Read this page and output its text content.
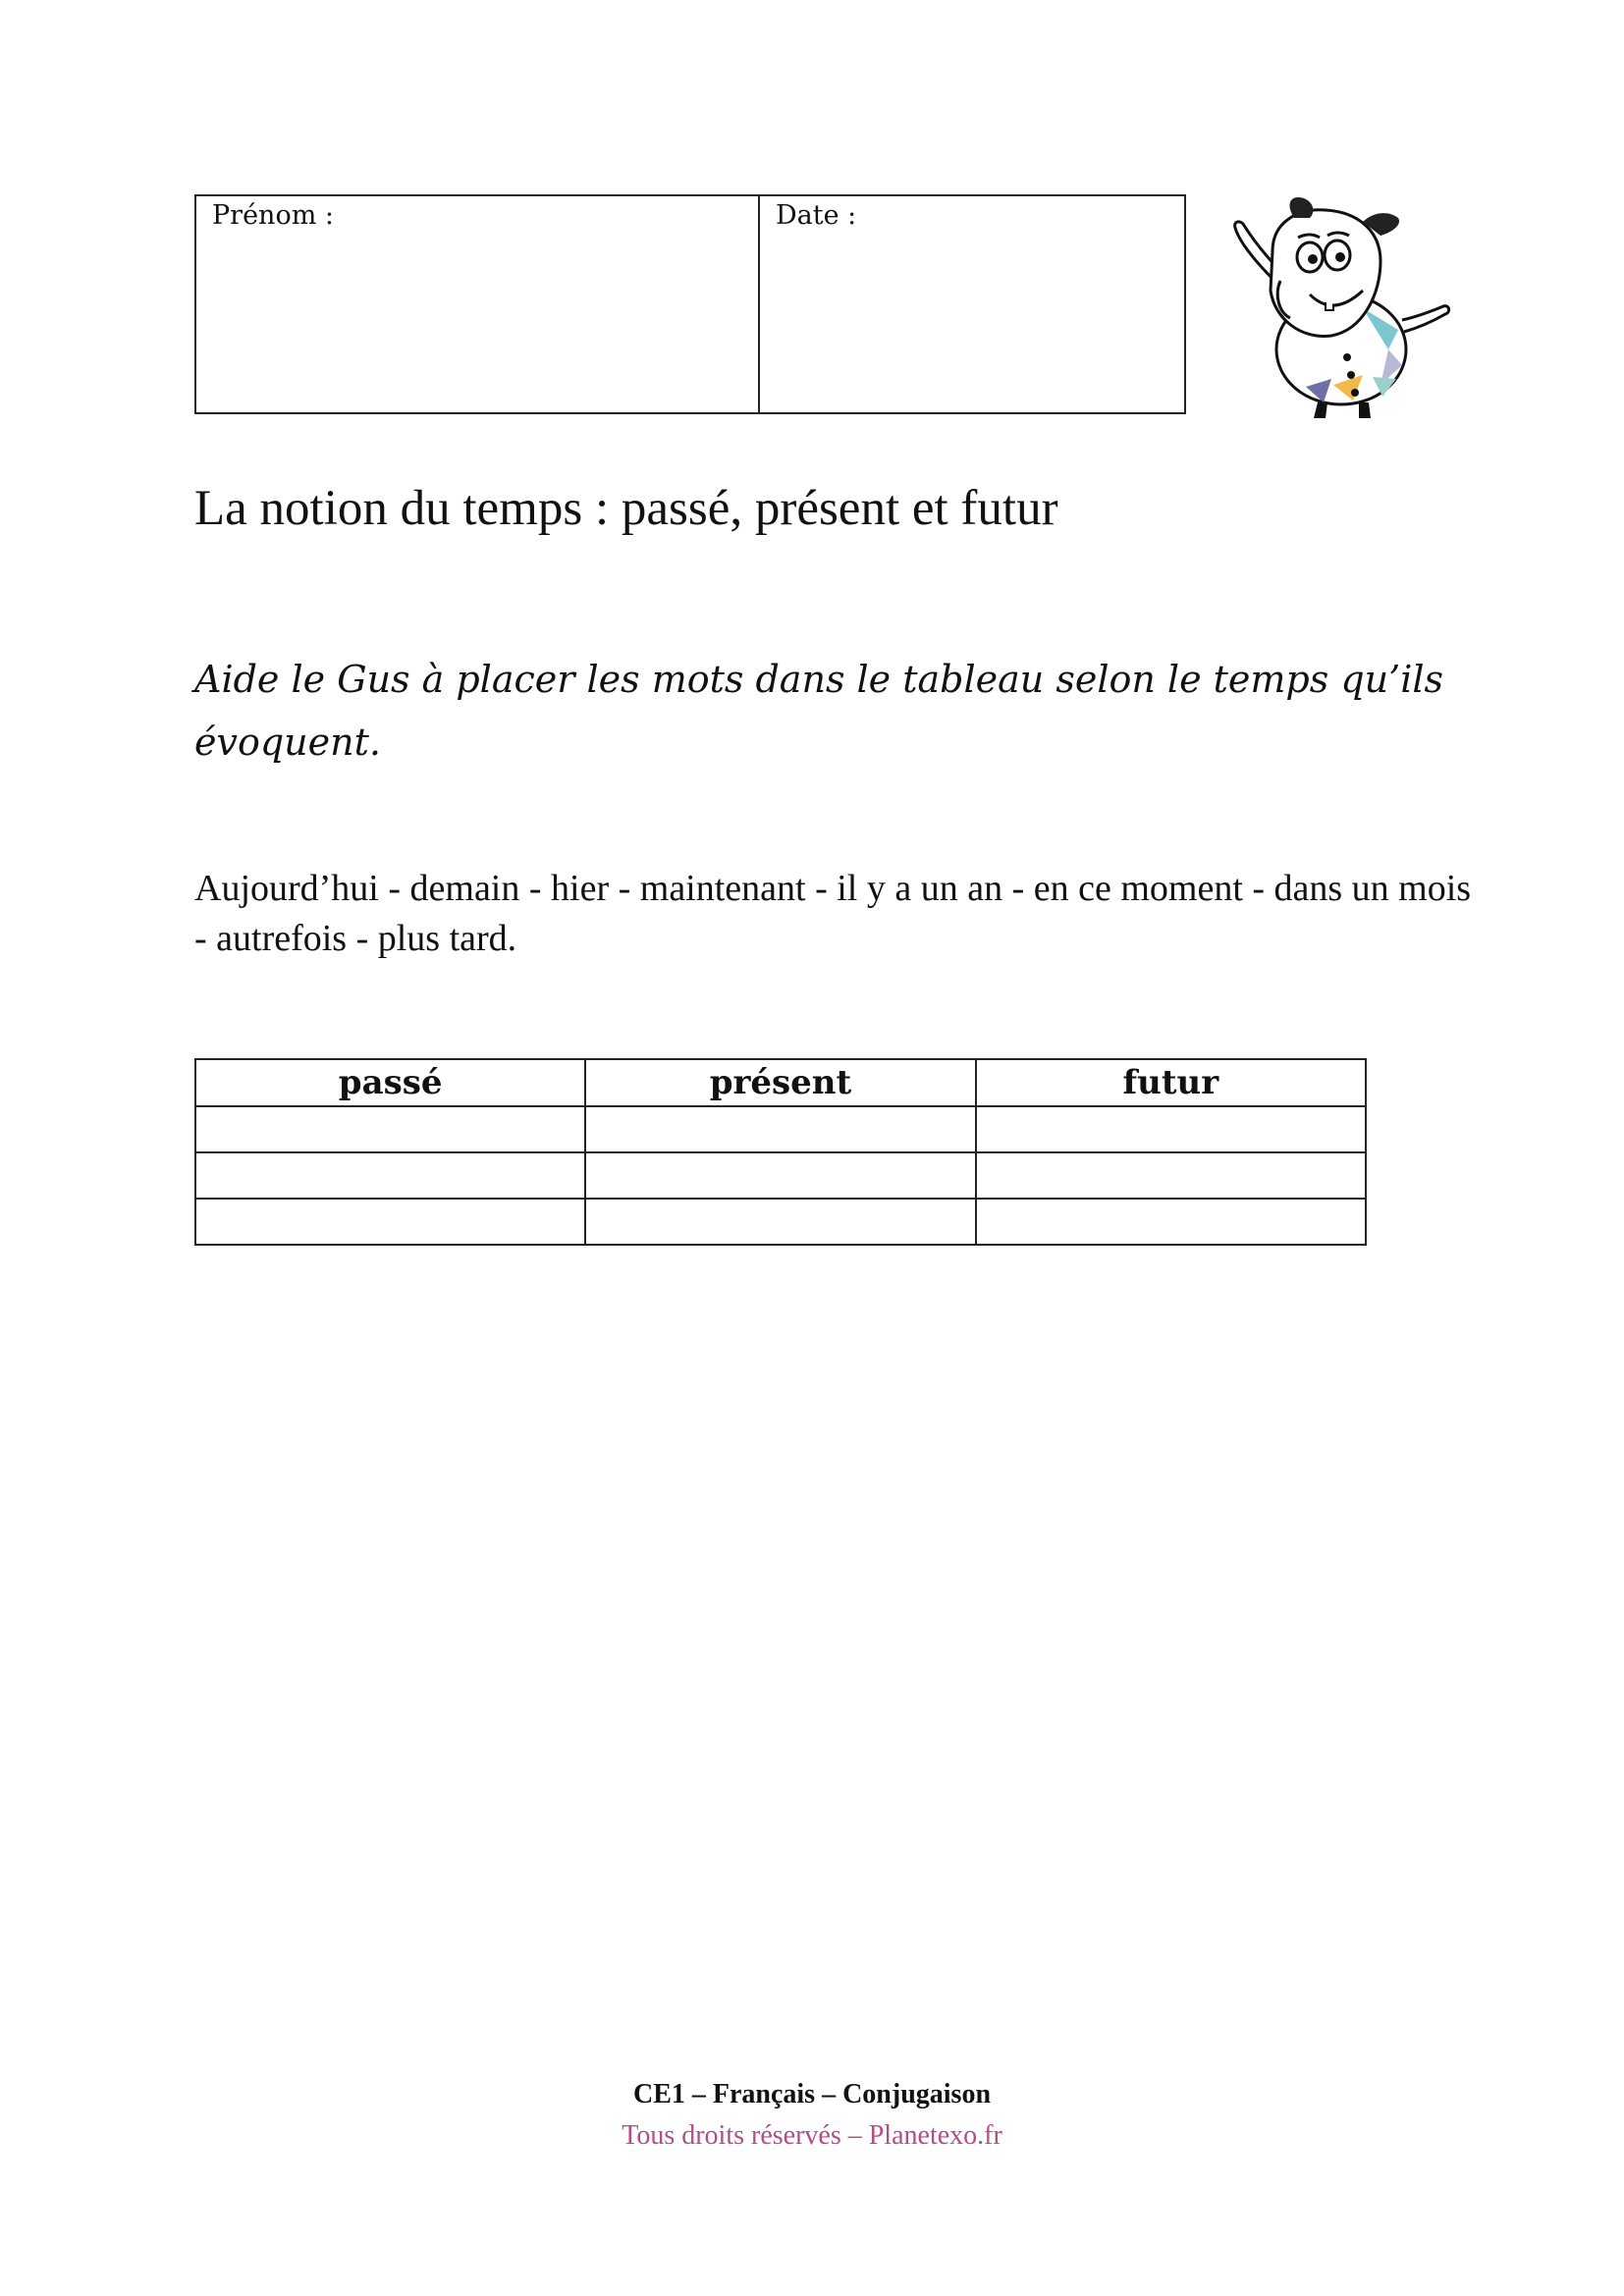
Prénom :	Date :
La notion du temps : passé, présent et futur

Aide le Gus à placer les mots dans le tableau selon le temps qu’ils évoquent.

Aujourd’hui - demain - hier - maintenant - il y a un an - en ce moment - dans un mois - autrefois - plus tard.

passé	présent	futur

CE1 – Français – Conjugaison
Tous droits réservés – Planetexo.fr
